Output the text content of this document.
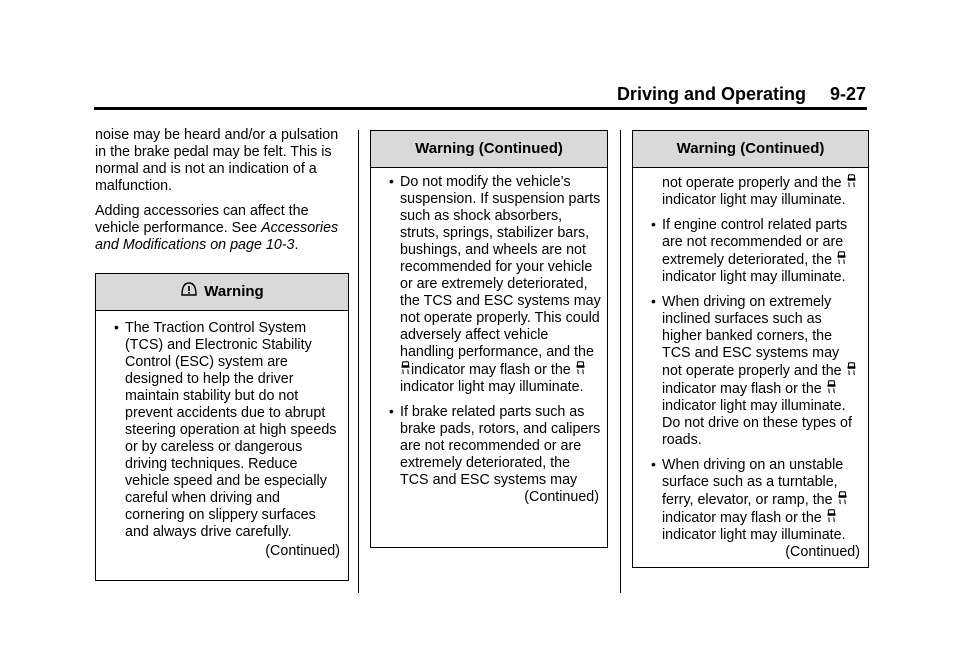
Driving and Operating 9-27

noise may be heard and/or a pulsation in the brake pedal may be felt. This is normal and is not an indication of a malfunction.

Adding accessories can affect the vehicle performance. See Accessories and Modifications on page 10-3.

Warning
• The Traction Control System (TCS) and Electronic Stability Control (ESC) system are designed to help the driver maintain stability but do not prevent accidents due to abrupt steering operation at high speeds or by careless or dangerous driving techniques. Reduce vehicle speed and be especially careful when driving and cornering on slippery surfaces and always drive carefully.
(Continued)
Warning (Continued)
• Do not modify the vehicle’s suspension. If suspension parts such as shock absorbers, struts, springs, stabilizer bars, bushings, and wheels are not recommended for your vehicle or are extremely deteriorated, the TCS and ESC systems may not operate properly. This could adversely affect vehicle handling performance, and theindicator may flash or the indicator light may illuminate.
• If brake related parts such as brake pads, rotors, and calipers are not recommended or are extremely deteriorated, the TCS and ESC systems may
(Continued)
Warning (Continued)
not operate properly and the indicator light may illuminate.
• If engine control related parts are not recommended or are extremely deteriorated, the indicator light may illuminate.
• When driving on extremely inclined surfaces such as higher banked corners, the TCS and ESC systems may not operate properly and the indicator may flash or the indicator light may illuminate. Do not drive on these types of roads.
• When driving on an unstable surface such as a turntable, ferry, elevator, or ramp, the indicator may flash or the indicator light may illuminate.
(Continued)
